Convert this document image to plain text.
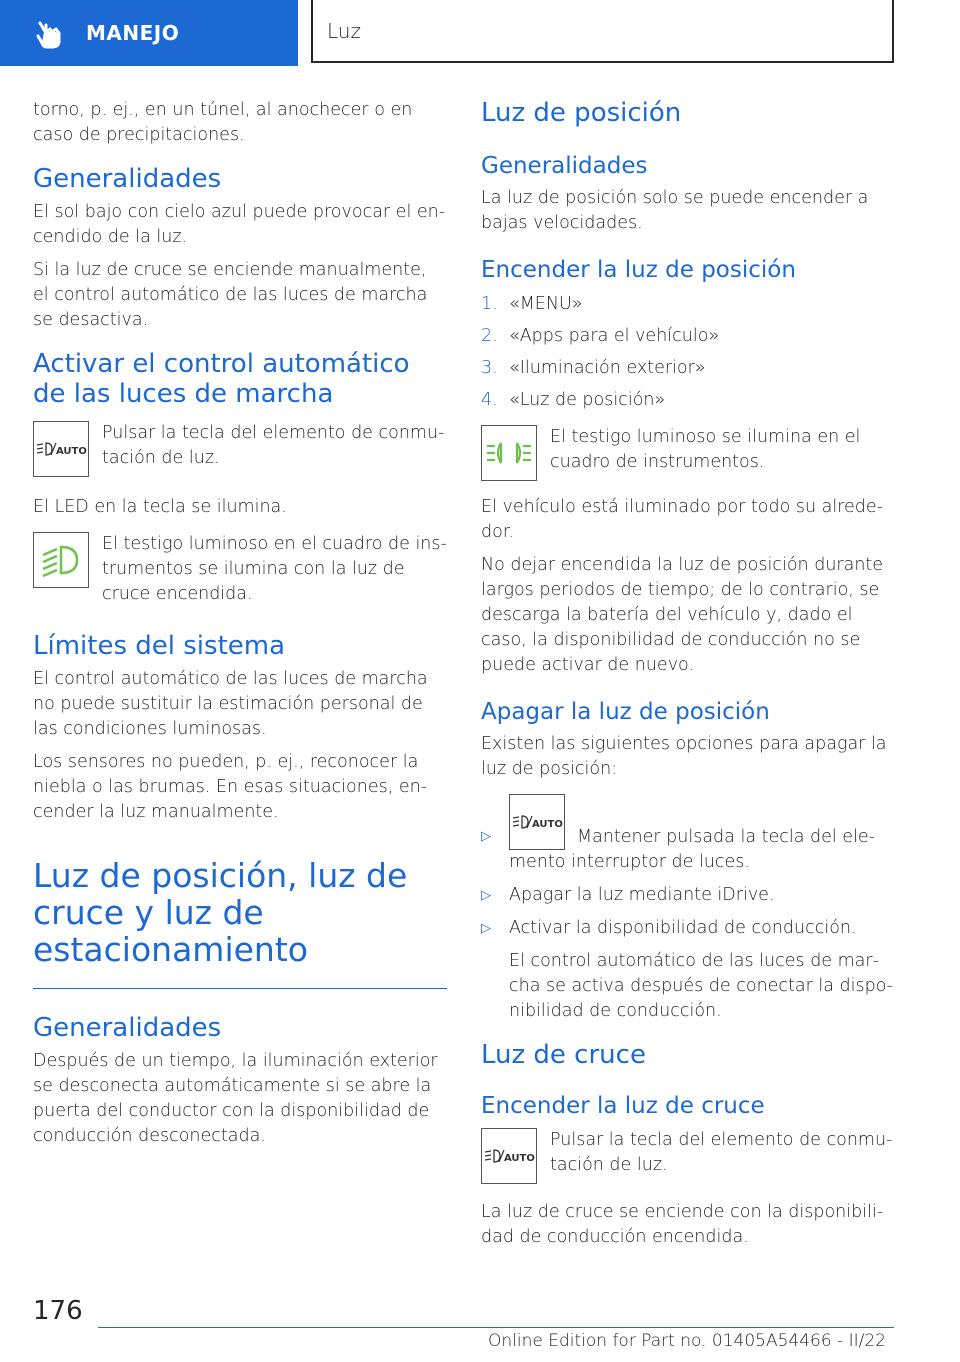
MANEJO	Luz

torno, p. ej., en un túnel, al anochecer o en caso de precipitaciones.

Generalidades

El sol bajo con cielo azul puede provocar el encendido de la luz.

Si la luz de cruce se enciende manualmente, el control automático de las luces de marcha se desactiva.

Activar el control automático de las luces de marcha
AUTO
Pulsar la tecla del elemento de conmutación de luz.

El LED en la tecla se ilumina.

El testigo luminoso en el cuadro de instrumentos se ilumina con la luz de cruce encendida.
Límites del sistema

El control automático de las luces de marcha no puede sustituir la estimación personal de las condiciones luminosas.

Los sensores no pueden, p. ej., reconocer la niebla o las brumas. En esas situaciones, encender la luz manualmente.

Luz de posición, luz de cruce y luz de estacionamiento
Generalidades

Después de un tiempo, la iluminación exterior se desconecta automáticamente si se abre la puerta del conductor con la disponibilidad de conducción desconectada.

Luz de posición
Generalidades

La luz de posición solo se puede encender a bajas velocidades.

Encender la luz de posición
1. «MENU»
2. «Apps para el vehículo»
3. «Iluminación exterior»
4. «Luz de posición»
El testigo luminoso se ilumina en el cuadro de instrumentos.

El vehículo está iluminado por todo su alrededor.

No dejar encendida la luz de posición durante largos periodos de tiempo; de lo contrario, se descarga la batería del vehículo y, dado el caso, la disponibilidad de conducción no se puede activar de nuevo.

Apagar la luz de posición

Existen las siguientes opciones para apagar la luz de posición:

▷
AUTO
Mantener pulsada la tecla del elemento interruptor de luces.
▷	Apagar la luz mediante iDrive.
▷	Activar la disponibilidad de conducción.
El control automático de las luces de marcha se activa después de conectar la disponibilidad de conducción.
Luz de cruce
Encender la luz de cruce
AUTO
Pulsar la tecla del elemento de conmutación de luz.

La luz de cruce se enciende con la disponibilidad de conducción encendida.

176
Online Edition for Part no. 01405A54466 - II/22
